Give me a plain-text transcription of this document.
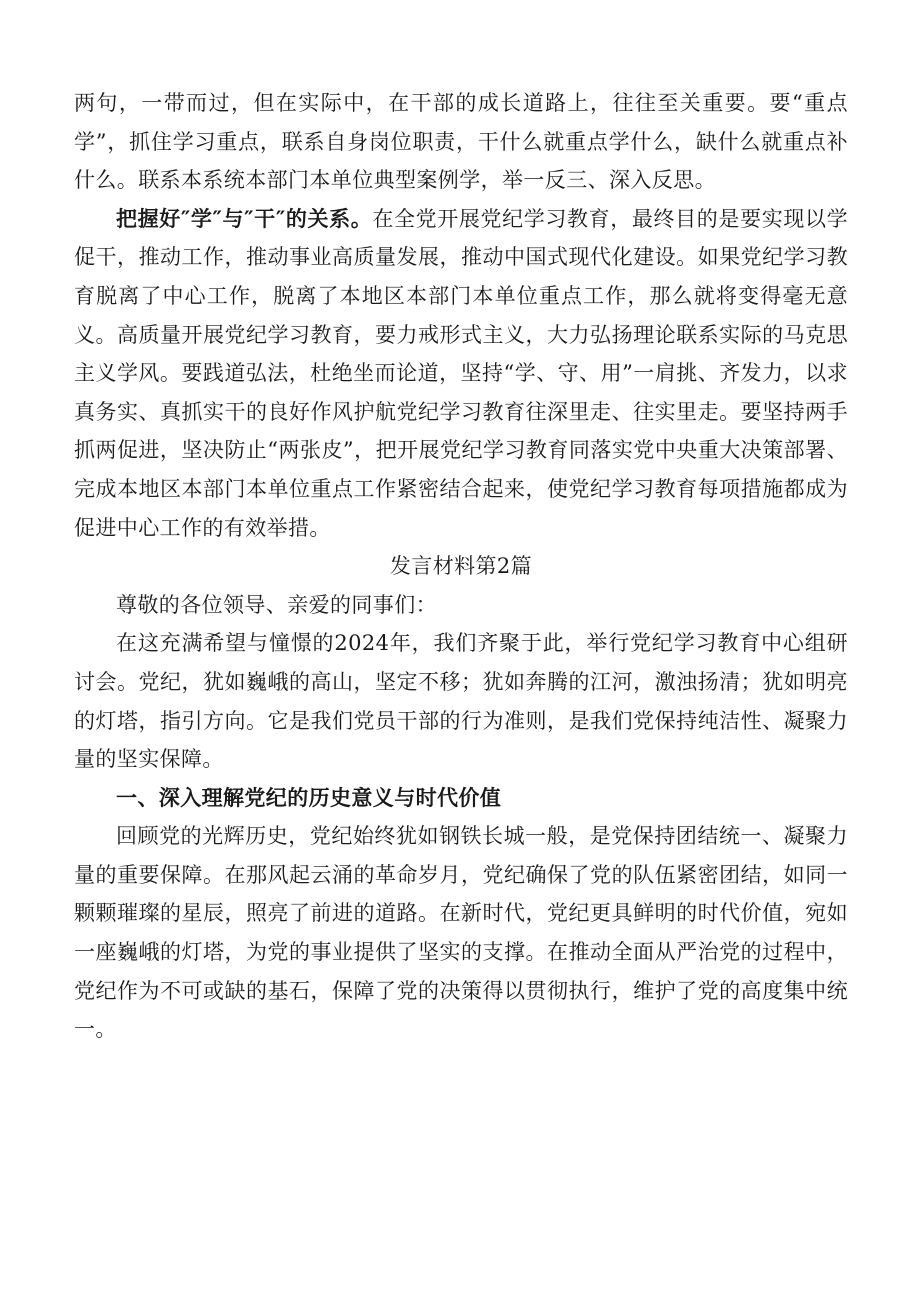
两句，一带而过，但在实际中，在干部的成长道路上，往往至关重要。要“重点学”，抓住学习重点，联系自身岗位职责，干什么就重点学什么，缺什么就重点补什么。联系本系统本部门本单位典型案例学，举一反三、深入反思。

把握好″学″与″干″的关系。在全党开展党纪学习教育，最终目的是要实现以学促干，推动工作，推动事业高质量发展，推动中国式现代化建设。如果党纪学习教育脱离了中心工作，脱离了本地区本部门本单位重点工作，那么就将变得毫无意义。高质量开展党纪学习教育，要力戒形式主义，大力弘扬理论联系实际的马克思主义学风。要践道弘法，杜绝坐而论道，坚持“学、守、用”一肩挑、齐发力，以求真务实、真抓实干的良好作风护航党纪学习教育往深里走、往实里走。要坚持两手抓两促进，坚决防止“两张皮”，把开展党纪学习教育同落实党中央重大决策部署、完成本地区本部门本单位重点工作紧密结合起来，使党纪学习教育每项措施都成为促进中心工作的有效举措。

发言材料第2篇

尊敬的各位领导、亲爱的同事们：

在这充满希望与憧憬的2024年，我们齐聚于此，举行党纪学习教育中心组研讨会。党纪，犹如巍峨的高山，坚定不移；犹如奔腾的江河，激浊扬清；犹如明亮的灯塔，指引方向。它是我们党员干部的行为准则，是我们党保持纯洁性、凝聚力量的坚实保障。

一、深入理解党纪的历史意义与时代价值

回顾党的光辉历史，党纪始终犹如钢铁长城一般，是党保持团结统一、凝聚力量的重要保障。在那风起云涌的革命岁月，党纪确保了党的队伍紧密团结，如同一颗颗璀璨的星辰，照亮了前进的道路。在新时代，党纪更具鲜明的时代价值，宛如一座巍峨的灯塔，为党的事业提供了坚实的支撑。在推动全面从严治党的过程中，党纪作为不可或缺的基石，保障了党的决策得以贯彻执行，维护了党的高度集中统一。
